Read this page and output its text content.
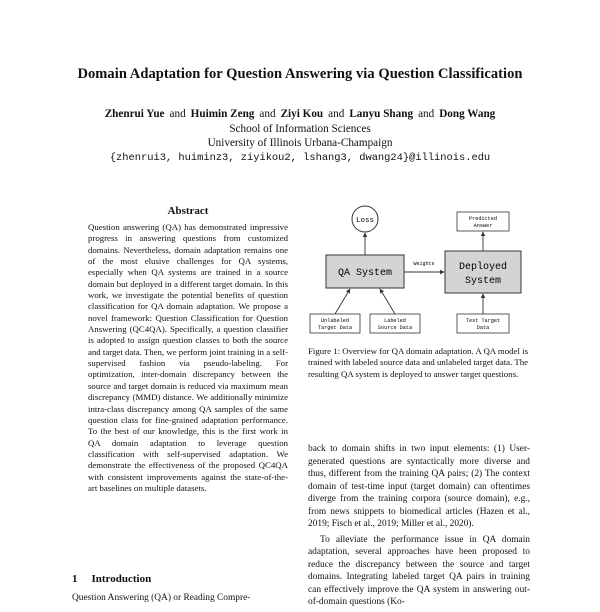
Domain Adaptation for Question Answering via Question Classification
Zhenrui Yue and Huimin Zeng and Ziyi Kou and Lanyu Shang and Dong Wang
School of Information Sciences
University of Illinois Urbana-Champaign
{zhenrui3, huiminz3, ziyikou2, lshang3, dwang24}@illinois.edu
Abstract
Question answering (QA) has demonstrated impressive progress in answering questions from customized domains. Nevertheless, domain adaptation remains one of the most elusive challenges for QA systems, especially when QA systems are trained in a source domain but deployed in a different target domain. In this work, we investigate the potential benefits of question classification for QA domain adaptation. We propose a novel framework: Question Classification for Question Answering (QC4QA). Specifically, a question classifier is adopted to assign question classes to both the source and target data. Then, we perform joint training in a self-supervised fashion via pseudo-labeling. For optimization, inter-domain discrepancy between the source and target domain is reduced via maximum mean discrepancy (MMD) distance. We additionally minimize intra-class discrepancy among QA samples of the same question class for fine-grained adaptation performance. To the best of our knowledge, this is the first work in QA domain adaptation to leverage question classification with self-supervised adaptation. We demonstrate the effectiveness of the proposed QC4QA with consistent improvements against the state-of-the-art baselines on multiple datasets.
1 Introduction
Question Answering (QA) or Reading Compre-
Loss
QA System
Deployed
System
Predicted
Answer
Unlabeled
Target Data
Labeled
Source Data
Test Target
Data
Weights
Figure 1: Overview for QA domain adaptation. A QA model is trained with labeled source data and unlabeled target data. The resulting QA system is deployed to answer target questions.

back to domain shifts in two input elements: (1) User-generated questions are syntactically more diverse and thus, different from the training QA pairs; (2) The context domain of test-time input (target domain) can oftentimes diverge from the training corpora (source domain), e.g., from news snippets to biomedical articles (Hazen et al., 2019; Fisch et al., 2019; Miller et al., 2020).

To alleviate the performance issue in QA domain adaptation, several approaches have been proposed to reduce the discrepancy between the source and target domains. Integrating labeled target QA pairs in training can effectively improve the QA system in answering out-of-domain questions (Ko-
